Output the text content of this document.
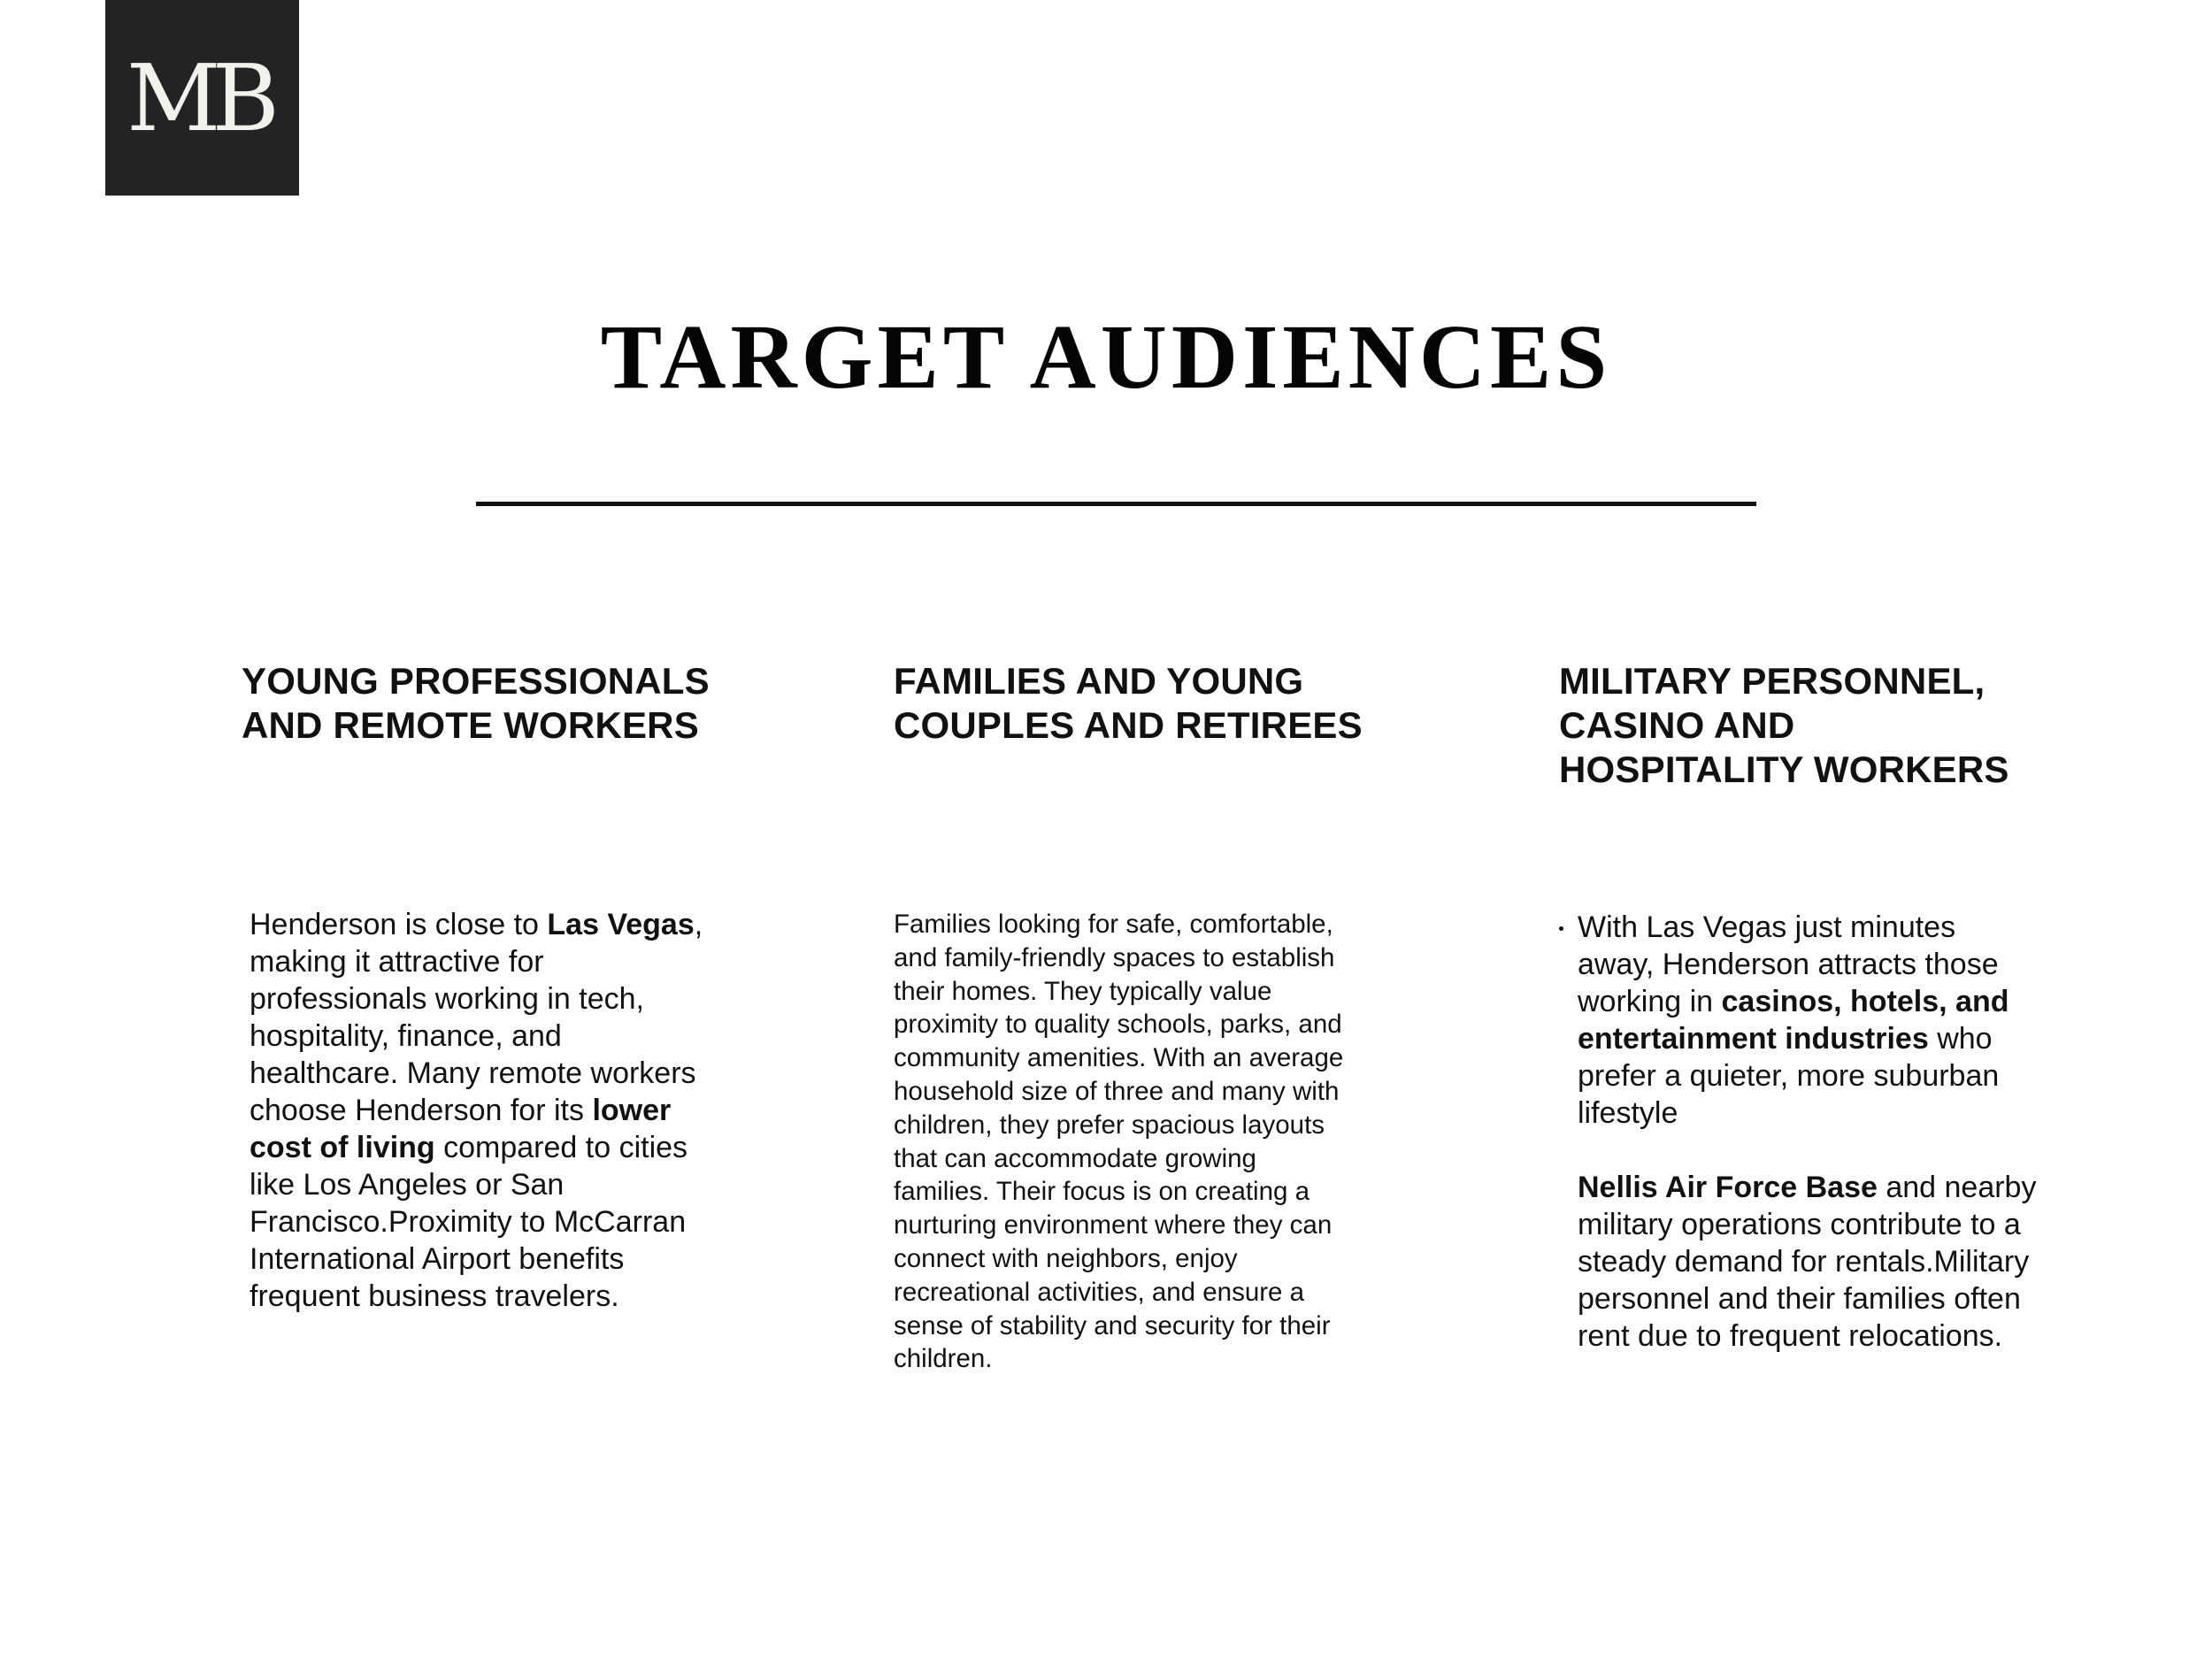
MB
TARGET AUDIENCES
YOUNG PROFESSIONALS
AND REMOTE WORKERS
FAMILIES AND YOUNG
COUPLES AND RETIREES
MILITARY PERSONNEL,
CASINO AND
HOSPITALITY WORKERS

Henderson is close to Las Vegas, making it attractive for professionals working in tech, hospitality, finance, and healthcare. Many remote workers choose Henderson for its lower cost of living compared to cities like Los Angeles or San Francisco.Proximity to McCarran International Airport benefits frequent business travelers.

Families looking for safe, comfortable, and family-friendly spaces to establish their homes. They typically value proximity to quality schools, parks, and community amenities. With an average household size of three and many with children, they prefer spacious layouts that can accommodate growing families. Their focus is on creating a nurturing environment where they can connect with neighbors, enjoy recreational activities, and ensure a sense of stability and security for their children.

With Las Vegas just minutes away, Henderson attracts those working in casinos, hotels, and entertainment industries who prefer a quieter, more suburban lifestyle

Nellis Air Force Base and nearby military operations contribute to a steady demand for rentals.Military personnel and their families often rent due to frequent relocations.
